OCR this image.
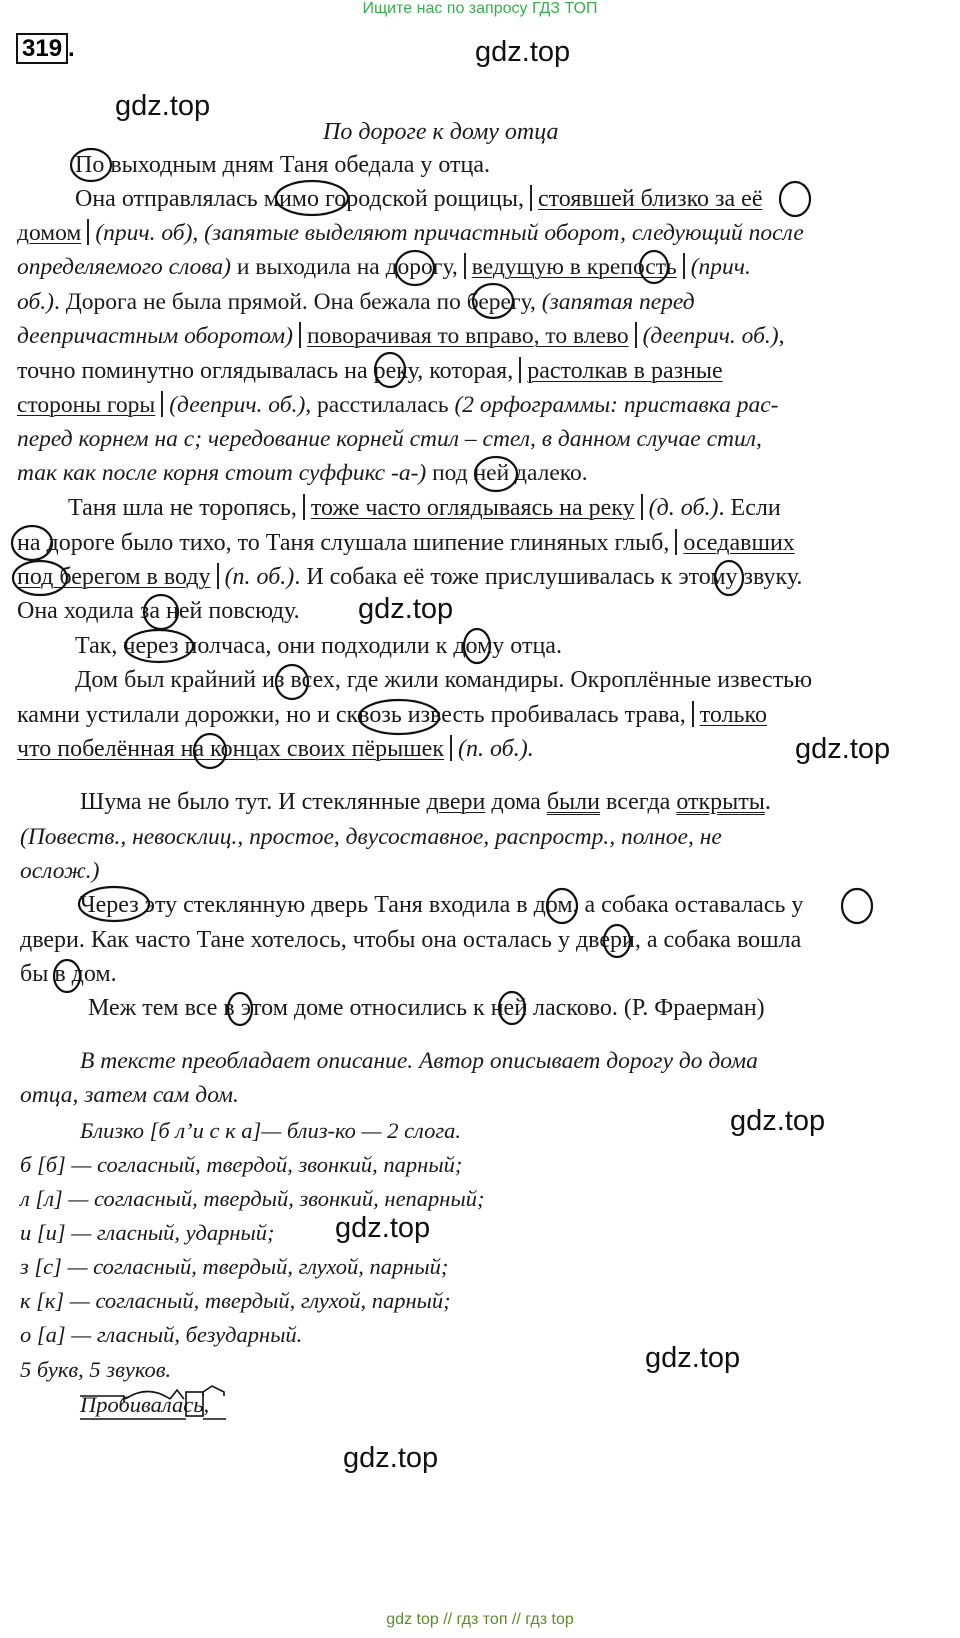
Ищите нас по запросу ГДЗ ТОП
319 .	gdz.top
gdz.top
gdz.top
gdz.top
gdz.top
gdz.top
gdz.top
gdz.top
По дороге к дому отца
По выходным дням Таня обедала у отца.
Она отправлялась мимо городской рощицы, стоявшей близко за её
домом (прич. об), (запятые выделяют причастный оборот, следующий после
определяемого слова) и выходила на дорогу, ведущую в крепость (прич.
об.). Дорога не была прямой. Она бежала по берегу, (запятая перед
деепричастным оборотом) поворачивая то вправо, то влево (дееприч. об.),
точно поминутно оглядывалась на реку, которая, растолкав в разные
стороны горы (дееприч. об.), расстилалась (2 орфограммы: приставка рас-
перед корнем на с; чередование корней стил – стел, в данном случае стил,
так как после корня стоит суффикс -а-) под ней далеко.
Таня шла не торопясь, тоже часто оглядываясь на реку (д. об.). Если
на дороге было тихо, то Таня слушала шипение глиняных глыб, оседавших
под берегом в воду (п. об.). И собака её тоже прислушивалась к этому звуку.
Она ходила за ней повсюду.
Так, через полчаса, они подходили к дому отца.
Дом был крайний из всех, где жили командиры. Окроплённые известью
камни устилали дорожки, но и сквозь известь пробивалась трава, только
что побелённая на концах своих пёрышек (п. об.).
Шума не было тут. И стеклянные двери дома были всегда открыты.
(Повеств., невосклиц., простое, двусоставное, распростр., полное, не
ослож.)
Через эту стеклянную дверь Таня входила в дом, а собака оставалась у
двери. Как часто Тане хотелось, чтобы она осталась у двери, а собака вошла
бы в дом.
Меж тем все в этом доме относились к ней ласково. (Р. Фраерман)
В тексте преобладает описание. Автор описывает дорогу до дома
отца, затем сам дом.
Близко [б л’и с к а]— близ-ко — 2 слога.
б [б] — согласный, твердой, звонкий, парный;
л [л] — согласный, твердый, звонкий, непарный;
и [и] — гласный, ударный;
з [с] — согласный, твердый, глухой, парный;
к [к] — согласный, твердый, глухой, парный;
о [а] — гласный, безударный.
5 букв, 5 звуков.
Пробивалась,
gdz top // гдз топ // гдз top
